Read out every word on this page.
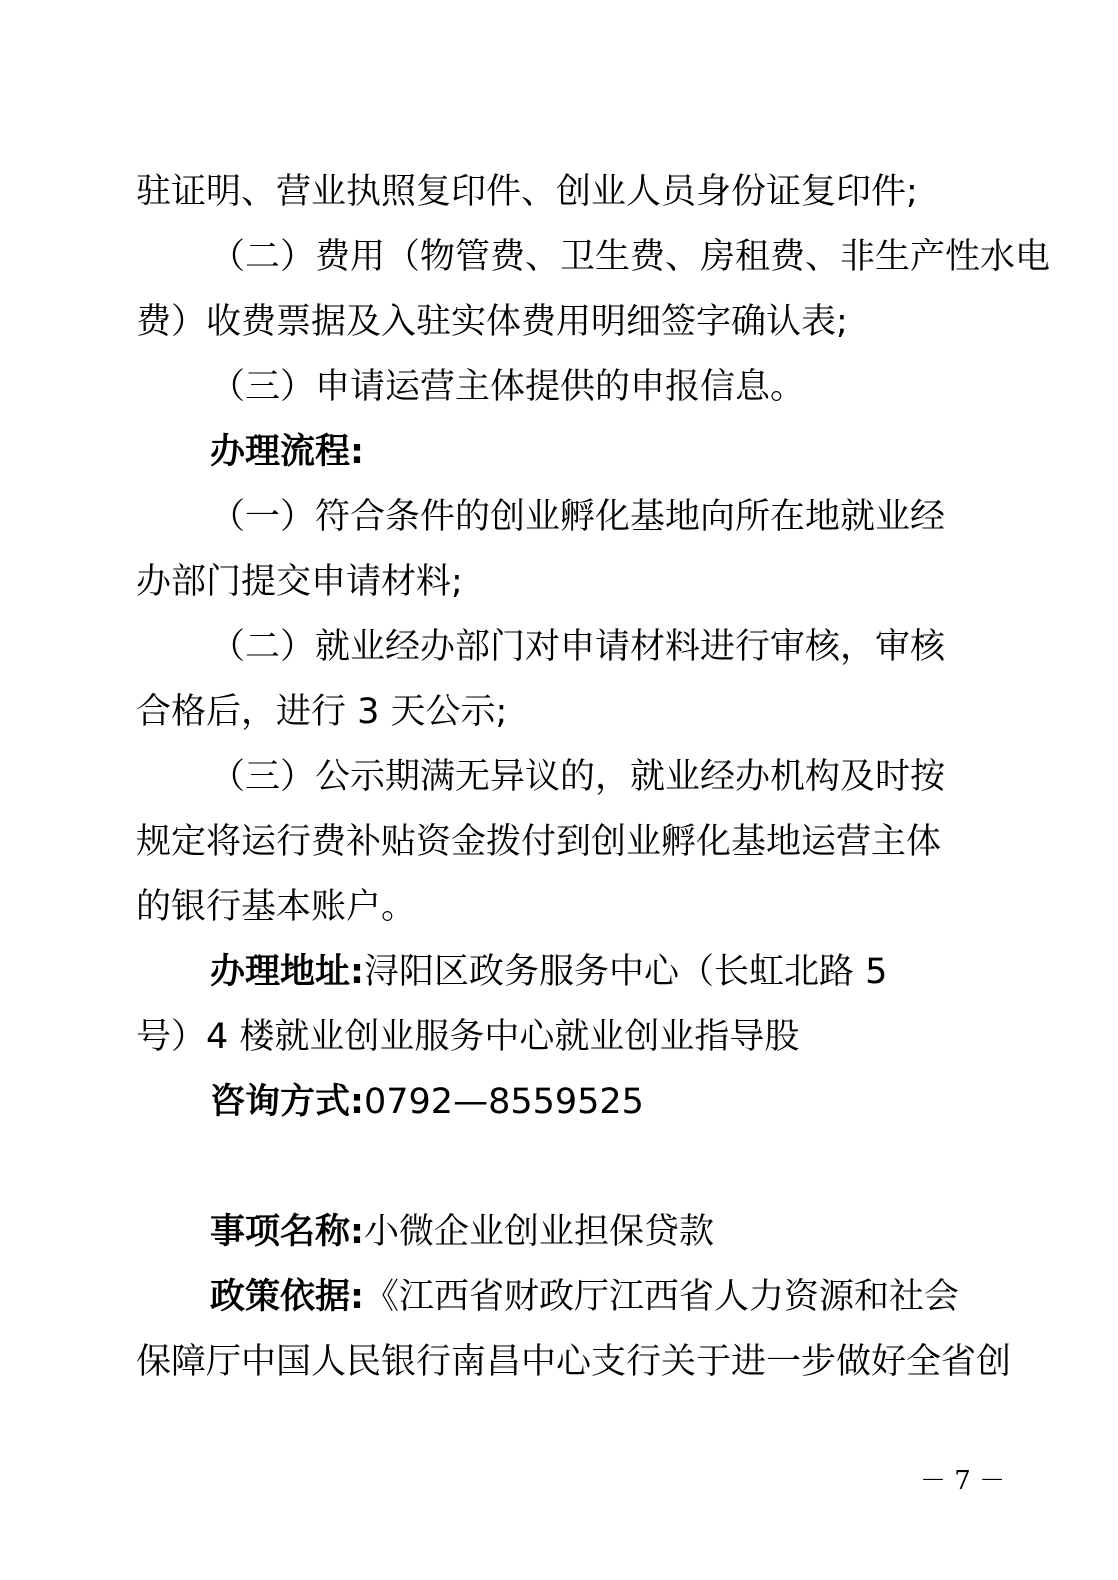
驻证明、营业执照复印件、创业人员身份证复印件;
（二）费用（物管费、卫生费、房租费、非生产性水电
费）收费票据及入驻实体费用明细签字确认表;
（三）申请运营主体提供的申报信息。
办理流程:
（一）符合条件的创业孵化基地向所在地就业经
办部门提交申请材料;
（二）就业经办部门对申请材料进行审核，审核
合格后，进行 3 天公示;
（三）公示期满无异议的，就业经办机构及时按
规定将运行费补贴资金拨付到创业孵化基地运营主体
的银行基本账户。
办理地址:浔阳区政务服务中心（长虹北路 5
号）4 楼就业创业服务中心就业创业指导股
咨询方式:0792—8559525
事项名称:小微企业创业担保贷款
政策依据:《江西省财政厅江西省人力资源和社会
保障厅中国人民银行南昌中心支行关于进一步做好全省创
－ 7 －
